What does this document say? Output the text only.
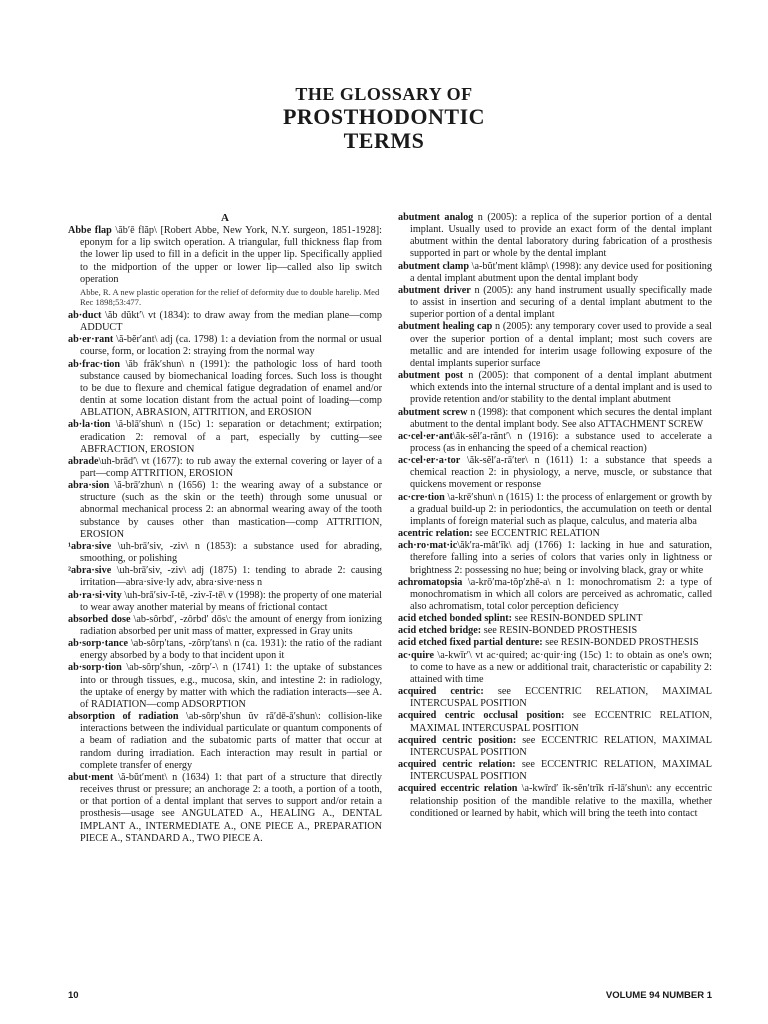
THE GLOSSARY OF
PROSTHODONTIC
TERMS
A

Abbe flap \ăb′ē flăp\ [Robert Abbe, New York, N.Y. surgeon, 1851-1928]: eponym for a lip switch operation. A triangular, full thickness flap from the lower lip used to fill in a deficit in the upper lip. Specifically applied to the midportion of the upper or lower lip—called also lip switch operation

Abbe, R. A new plastic operation for the relief of deformity due to double harelip. Med Rec 1898;53:477.

ab·duct \ăb dŭkt′\ vt (1834): to draw away from the median plane—comp ADDUCT

ab·er·rant \ă-bĕr′ant\ adj (ca. 1798) 1: a deviation from the normal or usual course, form, or location 2: straying from the normal way

ab·frac·tion \ăb frăk′shun\ n (1991): the pathologic loss of hard tooth substance caused by biomechanical loading forces. Such loss is thought to be due to flexure and chemical fatigue degradation of enamel and/or dentin at some location distant from the actual point of loading—comp ABLATION, ABRASION, ATTRITION, and EROSION

ab·la·tion \ă-blā′shun\ n (15c) 1: separation or detachment; extirpation; eradication 2: removal of a part, especially by cutting—see ABFRACTION, EROSION

abrade\uh-brād′\ vt (1677): to rub away the external covering or layer of a part—comp ATTRITION, EROSION

abra·sion \ă-brā′zhun\ n (1656) 1: the wearing away of a substance or structure (such as the skin or the teeth) through some unusual or abnormal mechanical process 2: an abnormal wearing away of the tooth substance by causes other than mastication—comp ATTRITION, EROSION

¹abra·sive \uh-brā′siv, -ziv\ n (1853): a substance used for abrading, smoothing, or polishing

²abra·sive \uh-brā′siv, -ziv\ adj (1875) 1: tending to abrade 2: causing irritation—abra·sive·ly adv, abra·sive·ness n

ab·ra·si·vity \uh-brā′siv-ĭ-tē, -ziv-ĭ-tē\ v (1998): the property of one material to wear away another material by means of frictional contact

absorbed dose \ab-sôrbd′, -zôrbd′ dōs\: the amount of energy from ionizing radiation absorbed per unit mass of matter, expressed in Gray units

ab·sorp·tance \ab-sôrp′tans, -zôrp′tans\ n (ca. 1931): the ratio of the radiant energy absorbed by a body to that incident upon it

ab·sorp·tion \ab-sôrp′shun, -zôrp′-\ n (1741) 1: the uptake of substances into or through tissues, e.g., mucosa, skin, and intestine 2: in radiology, the uptake of energy by matter with which the radiation interacts—see A. of RADIATION—comp ADSORPTION

absorption of radiation \ab-sôrp′shun ŭv rā′dē-ā′shun\: collision-like interactions between the individual particulate or quantum components of a beam of radiation and the subatomic parts of matter that occur at random during irradiation. Each interaction may result in partial or complete transfer of energy

abut·ment \ă-bŭt′ment\ n (1634) 1: that part of a structure that directly receives thrust or pressure; an anchorage 2: a tooth, a portion of a tooth, or that portion of a dental implant that serves to support and/or retain a prosthesis—usage see ANGULATED A., HEALING A., DENTAL IMPLANT A., INTERMEDIATE A., ONE PIECE A., PREPARATION PIECE A., STANDARD A., TWO PIECE A.

abutment analog n (2005): a replica of the superior portion of a dental implant. Usually used to provide an exact form of the dental implant abutment within the dental laboratory during fabrication of a prosthesis supported in part or whole by the dental implant

abutment clamp \a-bŭt′ment klămp\ (1998): any device used for positioning a dental implant abutment upon the dental implant body

abutment driver n (2005): any hand instrument usually specifically made to assist in insertion and securing of a dental implant abutment to the superior portion of a dental implant

abutment healing cap n (2005): any temporary cover used to provide a seal over the superior portion of a dental implant; most such covers are metallic and are intended for interim usage following exposure of the dental implants superior surface

abutment post n (2005): that component of a dental implant abutment which extends into the internal structure of a dental implant and is used to provide retention and/or stability to the dental implant abutment

abutment screw n (1998): that component which secures the dental implant abutment to the dental implant body. See also ATTACHMENT SCREW

ac·cel·er·ant\ăk-sĕl′a-rănt′\ n (1916): a substance used to accelerate a process (as in enhancing the speed of a chemical reaction)

ac·cel·er·a·tor \ăk-sĕl′a-rā′ter\ n (1611) 1: a substance that speeds a chemical reaction 2: in physiology, a nerve, muscle, or substance that quickens movement or response

ac·cre·tion \a-krē′shun\ n (1615) 1: the process of enlargement or growth by a gradual build-up 2: in periodontics, the accumulation on teeth or dental implants of foreign material such as plaque, calculus, and materia alba

acentric relation: see ECCENTRIC RELATION

ach·ro·mat·ic\ăk′ra-măt′ĭk\ adj (1766) 1: lacking in hue and saturation, therefore falling into a series of colors that varies only in lightness or brightness 2: possessing no hue; being or involving black, gray or white

achromatopsia \a-krō′ma-tŏp′zhē-a\ n 1: monochromatism 2: a type of monochromatism in which all colors are perceived as achromatic, called also achromatism, total color perception deficiency

acid etched bonded splint: see RESIN-BONDED SPLINT

acid etched bridge: see RESIN-BONDED PROSTHESIS

acid etched fixed partial denture: see RESIN-BONDED PROSTHESIS

ac·quire \a-kwīr′\ vt ac·quired; ac·quir·ing (15c) 1: to obtain as one's own; to come to have as a new or additional trait, characteristic or capability 2: attained with time

acquired centric: see ECCENTRIC RELATION, MAXIMAL INTERCUSPAL POSITION

acquired centric occlusal position: see ECCENTRIC RELATION, MAXIMAL INTERCUSPAL POSITION

acquired centric position: see ECCENTRIC RELATION, MAXIMAL INTERCUSPAL POSITION

acquired centric relation: see ECCENTRIC RELATION, MAXIMAL INTERCUSPAL POSITION

acquired eccentric relation \a-kwīrd′ ĭk-sĕn′trĭk rĭ-lā′shun\: any eccentric relationship position of the mandible relative to the maxilla, whether conditioned or learned by habit, which will bring the teeth into contact

10	VOLUME 94 NUMBER 1
